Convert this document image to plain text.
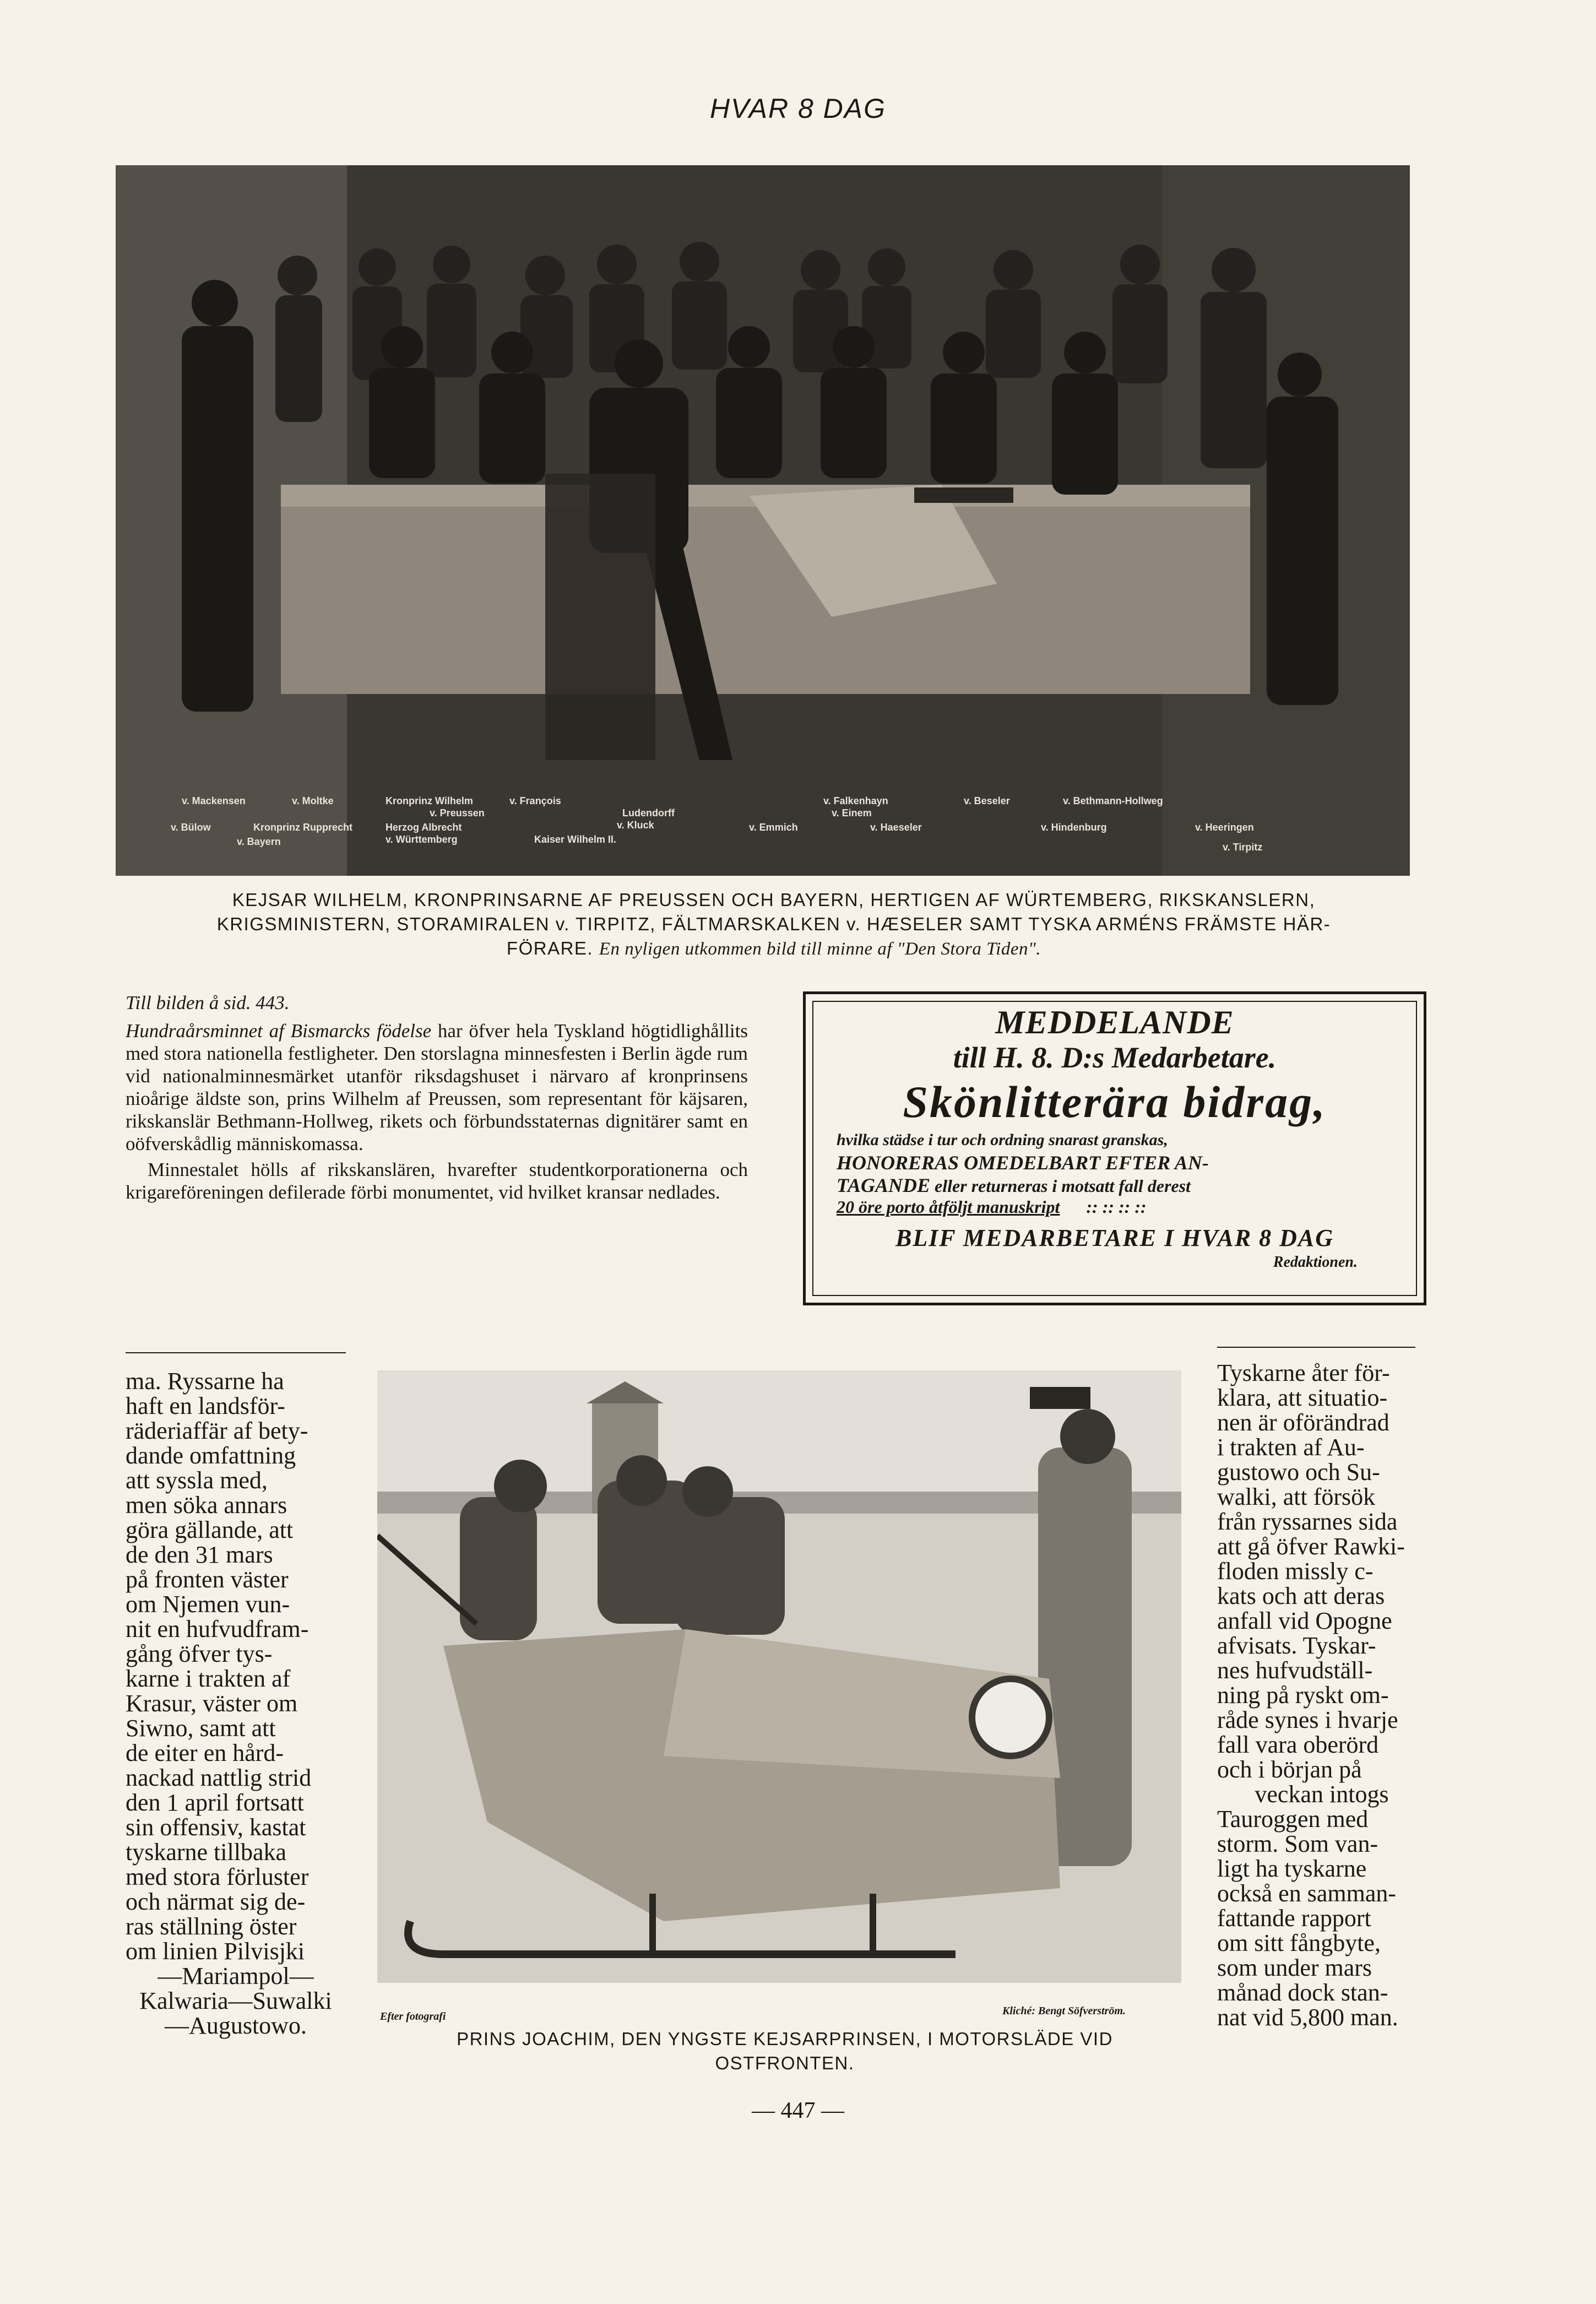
HVAR 8 DAG
v. Mackensen	v. Moltke	Kronprinz Wilhelm	v. François
v. Preussen	Ludendorff
v. Falkenhayn
v. Einem
v. Beseler	v. Bethmann-Hollweg
v. Bülow	Kronprinz Rupprecht	Herzog Albrecht	v. Kluck	v. Emmich	v. Haeseler	v. Hindenburg	v. Heeringen
v. Bayern	v. Württemberg	Kaiser Wilhelm II.
v. Tirpitz
KEJSAR WILHELM, KRONPRINSARNE AF PREUSSEN OCH BAYERN, HERTIGEN AF WÜRTEMBERG, RIKSKANSLERN,
KRIGSMINISTERN, STORAMIRALEN v. TIRPITZ, FÄLTMARSKALKEN v. HÆSELER SAMT TYSKA ARMÉNS FRÄMSTE HÄR-
FÖRARE. En nyligen utkommen bild till minne af "Den Stora Tiden".
Till bilden å sid. 443.
Hundraårsminnet af Bismarcks födelse har öfver hela Tyskland högtidlighållits med stora nationella festligheter. Den storslagna minnesfesten i Berlin ägde rum vid nationalminnesmärket utanför riksdagshuset i närvaro af kronprinsens nioårige äldste son, prins Wilhelm af Preussen, som representant för käjsaren, rikskanslär Bethmann-Hollweg, rikets och förbundsstaternas dignitärer samt en oöfverskådlig människomassa.
Minnestalet hölls af rikskanslären, hvarefter studentkorporationerna och krigareföreningen defilerade förbi monumentet, vid hvilket kransar nedlades.
MEDDELANDE
till H. 8. D:s Medarbetare.
Skönlitterära bidrag,
hvilka städse i tur och ordning snarast granskas,
HONORERAS OMEDELBART EFTER AN-
TAGANDE eller returneras i motsatt fall derest
20 öre porto åtföljt manuskript :: :: :: ::
BLIF MEDARBETARE I HVAR 8 DAG
Redaktionen.
ma. Ryssarne ha
haft en landsför-
räderiaffär af bety-
dande omfattning
att syssla med,
men söka annars
göra gällande, att
de den 31 mars
på fronten väster
om Njemen vun-
nit en hufvudfram-
gång öfver tys-
karne i trakten af
Krasur, väster om
Siwno, samt att
de eiter en hård-
nackad nattlig strid
den 1 april fortsatt
sin offensiv, kastat
tyskarne tillbaka
med stora förluster
och närmat sig de-
ras ställning öster
om linien Pilvisjki
—Mariampol—
Kalwaria—Suwalki
—Augustowo.	Efter fotografi	Kliché: Bengt Söfverström.
PRINS JOACHIM, DEN YNGSTE KEJSARPRINSEN, I MOTORSLÄDE VID
OSTFRONTEN.
Tyskarne åter för-
klara, att situatio-
nen är oförändrad
i trakten af Au-
gustowo och Su-
walki, att försök
från ryssarnes sida
att gå öfver Rawki-
floden missly c-
kats och att deras
anfall vid Opogne
afvisats. Tyskar-
nes hufvudställ-
ning på ryskt om-
råde synes i hvarje
fall vara oberörd
och i början på
veckan intogs
Tauroggen med
storm. Som van-
ligt ha tyskarne
också en samman-
fattande rapport
om sitt fångbyte,
som under mars
månad dock stan-
nat vid 5,800 man.
— 447 —
